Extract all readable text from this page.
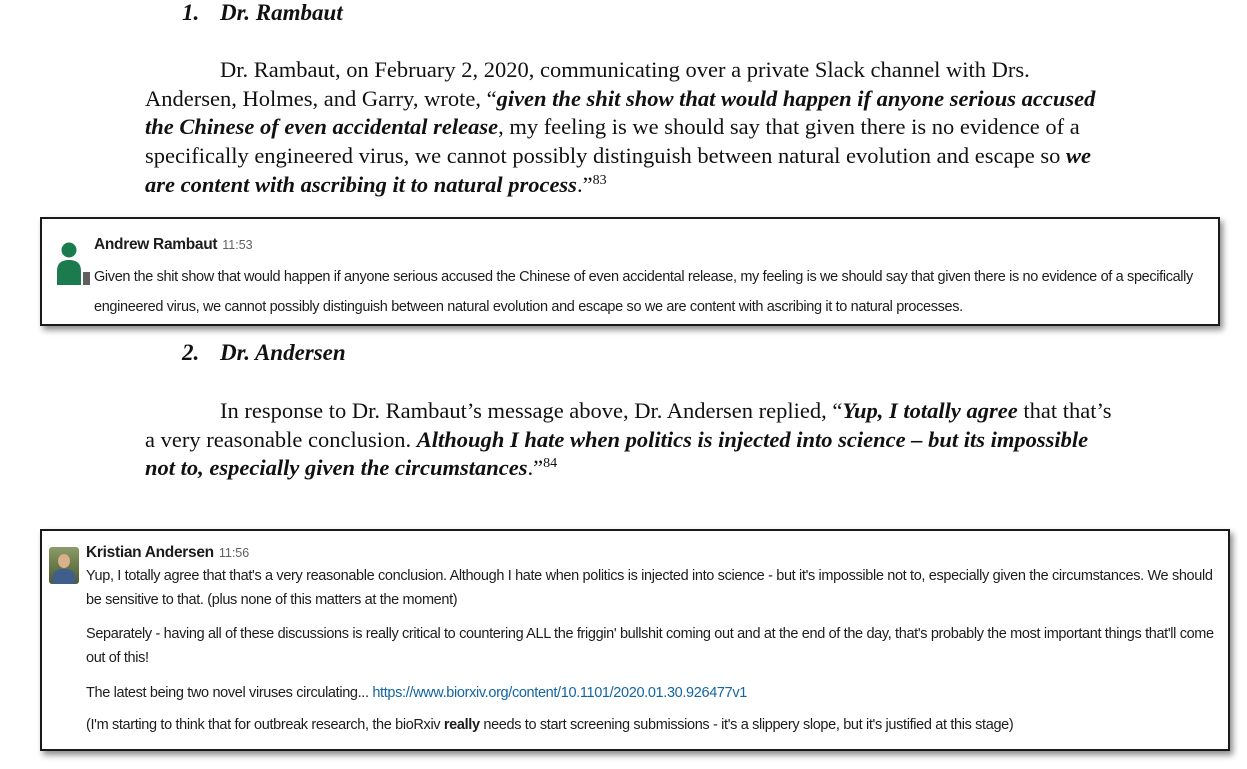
1. Dr. Rambaut

Dr. Rambaut, on February 2, 2020, communicating over a private Slack channel with Drs. Andersen, Holmes, and Garry, wrote, “given the shit show that would happen if anyone serious accused the Chinese of even accidental release, my feeling is we should say that given there is no evidence of a specifically engineered virus, we cannot possibly distinguish between natural evolution and escape so we are content with ascribing it to natural process.”$^{83}$

Andrew Rambaut 11:53
Given the shit show that would happen if anyone serious accused the Chinese of even accidental release, my feeling is we should say that given there is no evidence of a specifically engineered virus, we cannot possibly distinguish between natural evolution and escape so we are content with ascribing it to natural processes.
2. Dr. Andersen

In response to Dr. Rambaut’s message above, Dr. Andersen replied, “Yup, I totally agree that that’s a very reasonable conclusion. Although I hate when politics is injected into science – but its impossible not to, especially given the circumstances.”$^{84}$

Kristian Andersen 11:56
Yup, I totally agree that that's a very reasonable conclusion. Although I hate when politics is injected into science - but it's impossible not to, especially given the circumstances. We should be sensitive to that. (plus none of this matters at the moment)
Separately - having all of these discussions is really critical to countering ALL the friggin' bullshit coming out and at the end of the day, that's probably the most important things that'll come out of this!
The latest being two novel viruses circulating... https://www.biorxiv.org/content/10.1101/2020.01.30.926477v1
(I'm starting to think that for outbreak research, the bioRxiv really needs to start screening submissions - it's a slippery slope, but it's justified at this stage)
